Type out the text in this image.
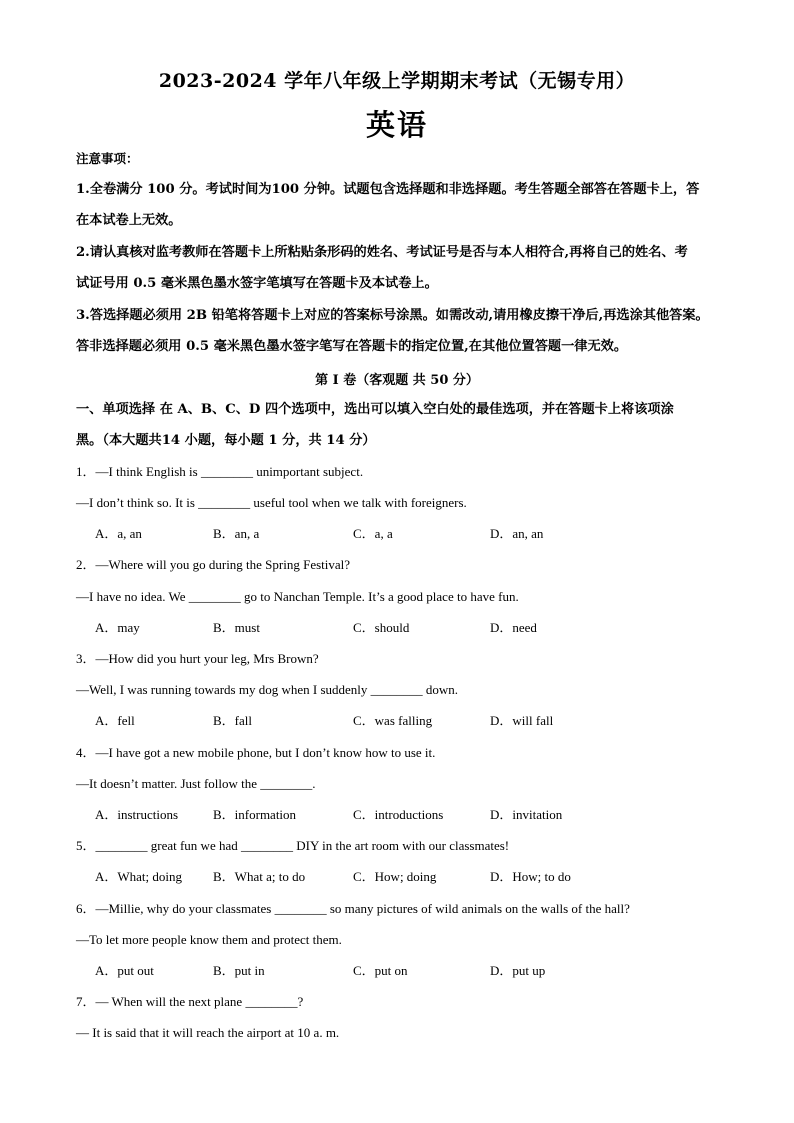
2023-2024 学年八年级上学期期末考试（无锡专用）
英语
注意事项：
1.全卷满分 100 分。考试时间为100 分钟。试题包含选择题和非选择题。考生答题全部答在答题卡上，答
在本试卷上无效。
2.请认真核对监考教师在答题卡上所粘贴条形码的姓名、考试证号是否与本人相符合,再将自己的姓名、考
试证号用 0.5 毫米黑色墨水签字笔填写在答题卡及本试卷上。
3.答选择题必须用 2B 铅笔将答题卡上对应的答案标号涂黑。如需改动,请用橡皮擦干净后,再选涂其他答案。
答非选择题必须用 0.5 毫米黑色墨水签字笔写在答题卡的指定位置,在其他位置答题一律无效。
第 I 卷（客观题 共 50 分）
一、单项选择 在 A、B、C、D 四个选项中，选出可以填入空白处的最佳选项，并在答题卡上将该项涂
黑。（本大题共14 小题，每小题 1 分，共 14 分）
1．—I think English is ________ unimportant subject.
—I don’t think so. It is ________ useful tool when we talk with foreigners.
A．a, an	B．an, a	C．a, a	D．an, an
2．—Where will you go during the Spring Festival?
—I have no idea. We ________ go to Nanchan Temple. It’s a good place to have fun.
A．may	B．must	C．should	D．need
3．—How did you hurt your leg, Mrs Brown?
—Well, I was running towards my dog when I suddenly ________ down.
A．fell	B．fall	C．was falling	D．will fall
4．—I have got a new mobile phone, but I don’t know how to use it.
—It doesn’t matter. Just follow the ________.
A．instructions	B．information	C．introductions	D．invitation
5．________ great fun we had ________ DIY in the art room with our classmates!
A．What; doing B．What a; to do	C．How; doing	D．How; to do
6．—Millie, why do your classmates ________ so many pictures of wild animals on the walls of the hall?
—To let more people know them and protect them.
A．put out	B．put in	C．put on	D．put up
7．— When will the next plane ________?
— It is said that it will reach the airport at 10 a. m.
